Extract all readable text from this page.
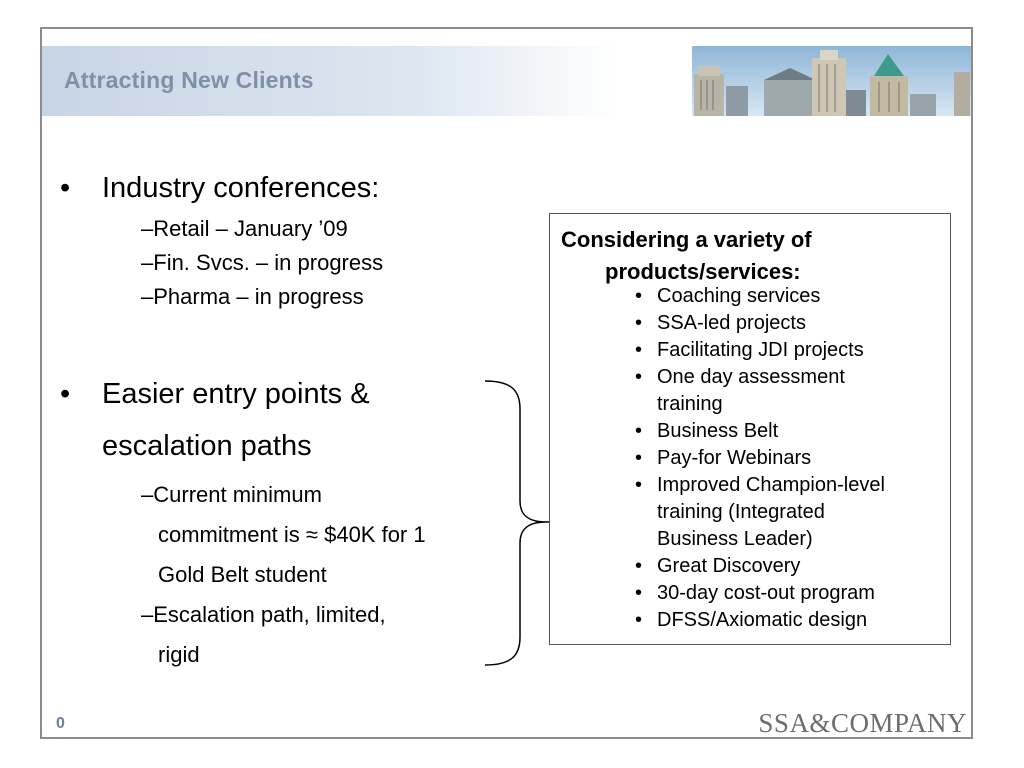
Attracting New Clients
• Industry conferences:
–Retail – January ’09
–Fin. Svcs. – in progress
–Pharma – in progress
• Easier entry points &
escalation paths
–Current minimum
commitment is ≈ $40K for 1
Gold Belt student
–Escalation path, limited,
rigid
Considering a variety of
products/services:
• Coaching services
• SSA-led projects
• Facilitating JDI projects
• One day assessment
training
• Business Belt
• Pay-for Webinars
• Improved Champion-level
training (Integrated
Business Leader)
• Great Discovery
• 30-day cost-out program
• DFSS/Axiomatic design
0	SSA&COMPANY
